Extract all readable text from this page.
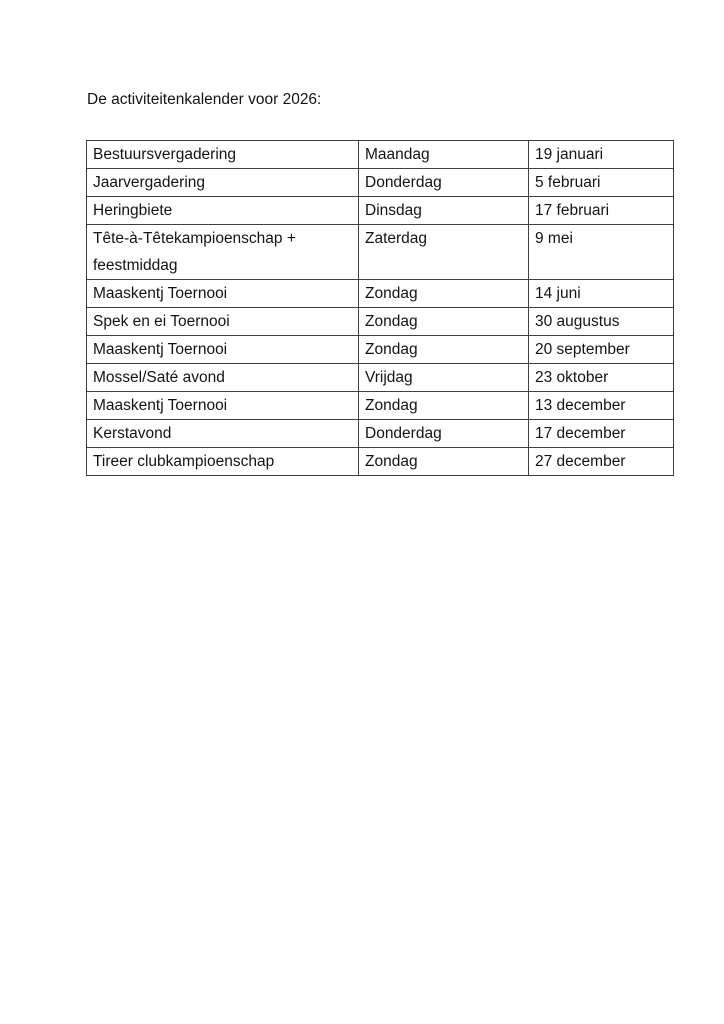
De activiteitenkalender voor 2026:
Bestuursvergadering	Maandag	19 januari
Jaarvergadering	Donderdag	5 februari
Heringbiete	Dinsdag	17 februari
Tête-à-Têtekampioenschap + feestmiddag	Zaterdag	9 mei
Maaskentj Toernooi	Zondag	14 juni
Spek en ei Toernooi	Zondag	30 augustus
Maaskentj Toernooi	Zondag	20 september
Mossel/Saté avond	Vrijdag	23 oktober
Maaskentj Toernooi	Zondag	13 december
Kerstavond	Donderdag	17 december
Tireer clubkampioenschap	Zondag	27 december
